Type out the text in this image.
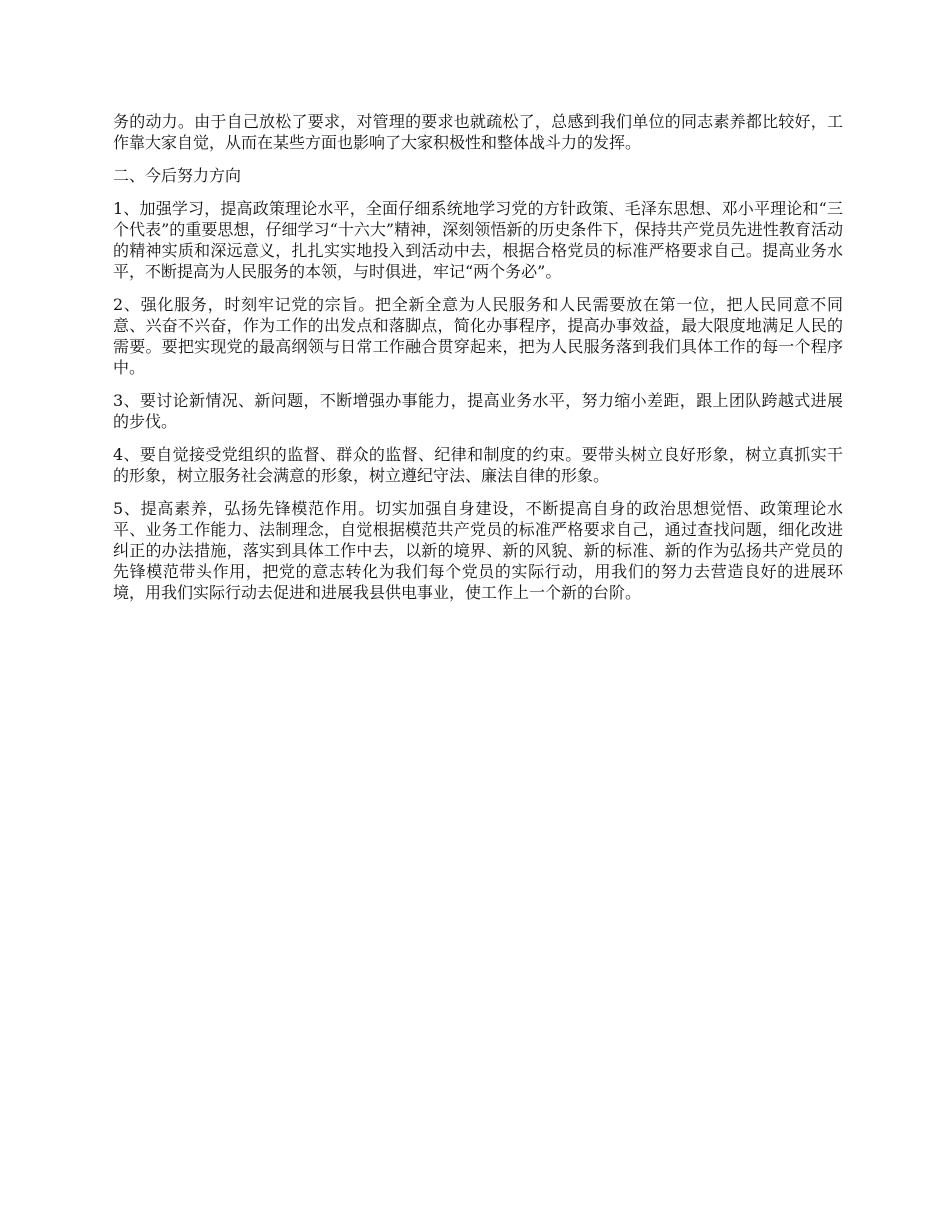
务的动力。由于自己放松了要求，对管理的要求也就疏松了，总感到我们单位的同志素养都比较好，工作靠大家自觉，从而在某些方面也影响了大家积极性和整体战斗力的发挥。

二、今后努力方向

1、加强学习，提高政策理论水平，全面仔细系统地学习党的方针政策、毛泽东思想、邓小平理论和“三个代表”的重要思想，仔细学习“十六大”精神，深刻领悟新的历史条件下，保持共产党员先进性教育活动的精神实质和深远意义，扎扎实实地投入到活动中去，根据合格党员的标准严格要求自己。提高业务水平，不断提高为人民服务的本领，与时俱进，牢记“两个务必”。

2、强化服务，时刻牢记党的宗旨。把全新全意为人民服务和人民需要放在第一位，把人民同意不同意、兴奋不兴奋，作为工作的出发点和落脚点，简化办事程序，提高办事效益，最大限度地满足人民的需要。要把实现党的最高纲领与日常工作融合贯穿起来，把为人民服务落到我们具体工作的每一个程序中。

3、要讨论新情况、新问题，不断增强办事能力，提高业务水平，努力缩小差距，跟上团队跨越式进展的步伐。

4、要自觉接受党组织的监督、群众的监督、纪律和制度的约束。要带头树立良好形象，树立真抓实干的形象，树立服务社会满意的形象，树立遵纪守法、廉法自律的形象。

5、提高素养，弘扬先锋模范作用。切实加强自身建设，不断提高自身的政治思想觉悟、政策理论水平、业务工作能力、法制理念，自觉根据模范共产党员的标准严格要求自己，通过查找问题，细化改进纠正的办法措施，落实到具体工作中去，以新的境界、新的风貌、新的标准、新的作为弘扬共产党员的先锋模范带头作用，把党的意志转化为我们每个党员的实际行动，用我们的努力去营造良好的进展环境，用我们实际行动去促进和进展我县供电事业，使工作上一个新的台阶。
